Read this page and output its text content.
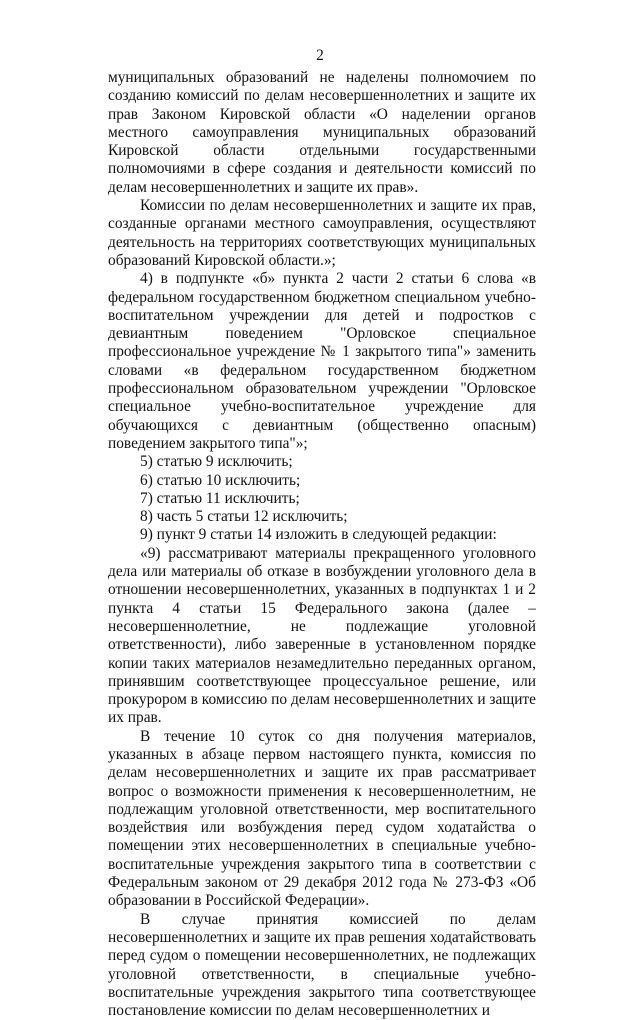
2

муниципальных образований не наделены полномочием по созданию комиссий по делам несовершеннолетних и защите их прав Законом Кировской области «О наделении органов местного самоуправления муниципальных образований Кировской области отдельными государственными полномочиями в сфере создания и деятельности комиссий по делам несовершеннолетних и защите их прав».

Комиссии по делам несовершеннолетних и защите их прав, созданные органами местного самоуправления, осуществляют деятельность на территориях соответствующих муниципальных образований Кировской области.»;

4) в подпункте «б» пункта 2 части 2 статьи 6 слова «в федеральном государственном бюджетном специальном учебно-воспитательном учреждении для детей и подростков с девиантным поведением "Орловское специальное профессиональное учреждение № 1 закрытого типа"» заменить словами «в федеральном государственном бюджетном профессиональном образовательном учреждении "Орловское специальное учебно-воспитательное учреждение для обучающихся с девиантным (общественно опасным) поведением закрытого типа"»;

5) статью 9 исключить;

6) статью 10 исключить;

7) статью 11 исключить;

8) часть 5 статьи 12 исключить;

9) пункт 9 статьи 14 изложить в следующей редакции:

«9) рассматривают материалы прекращенного уголовного дела или материалы об отказе в возбуждении уголовного дела в отношении несовершеннолетних, указанных в подпунктах 1 и 2 пункта 4 статьи 15 Федерального закона (далее – несовершеннолетние, не подлежащие уголовной ответственности), либо заверенные в установленном порядке копии таких материалов незамедлительно переданных органом, принявшим соответствующее процессуальное решение, или прокурором в комиссию по делам несовершеннолетних и защите их прав.

В течение 10 суток со дня получения материалов, указанных в абзаце первом настоящего пункта, комиссия по делам несовершеннолетних и защите их прав рассматривает вопрос о возможности применения к несовершеннолетним, не подлежащим уголовной ответственности, мер воспитательного воздействия или возбуждения перед судом ходатайства о помещении этих несовершеннолетних в специальные учебно-воспитательные учреждения закрытого типа в соответствии с Федеральным законом от 29 декабря 2012 года № 273-ФЗ «Об образовании в Российской Федерации».

В случае принятия комиссией по делам несовершеннолетних и защите их прав решения ходатайствовать перед судом о помещении несовершеннолетних, не подлежащих уголовной ответственности, в специальные учебно-воспитательные учреждения закрытого типа соответствующее постановление комиссии по делам несовершеннолетних и
